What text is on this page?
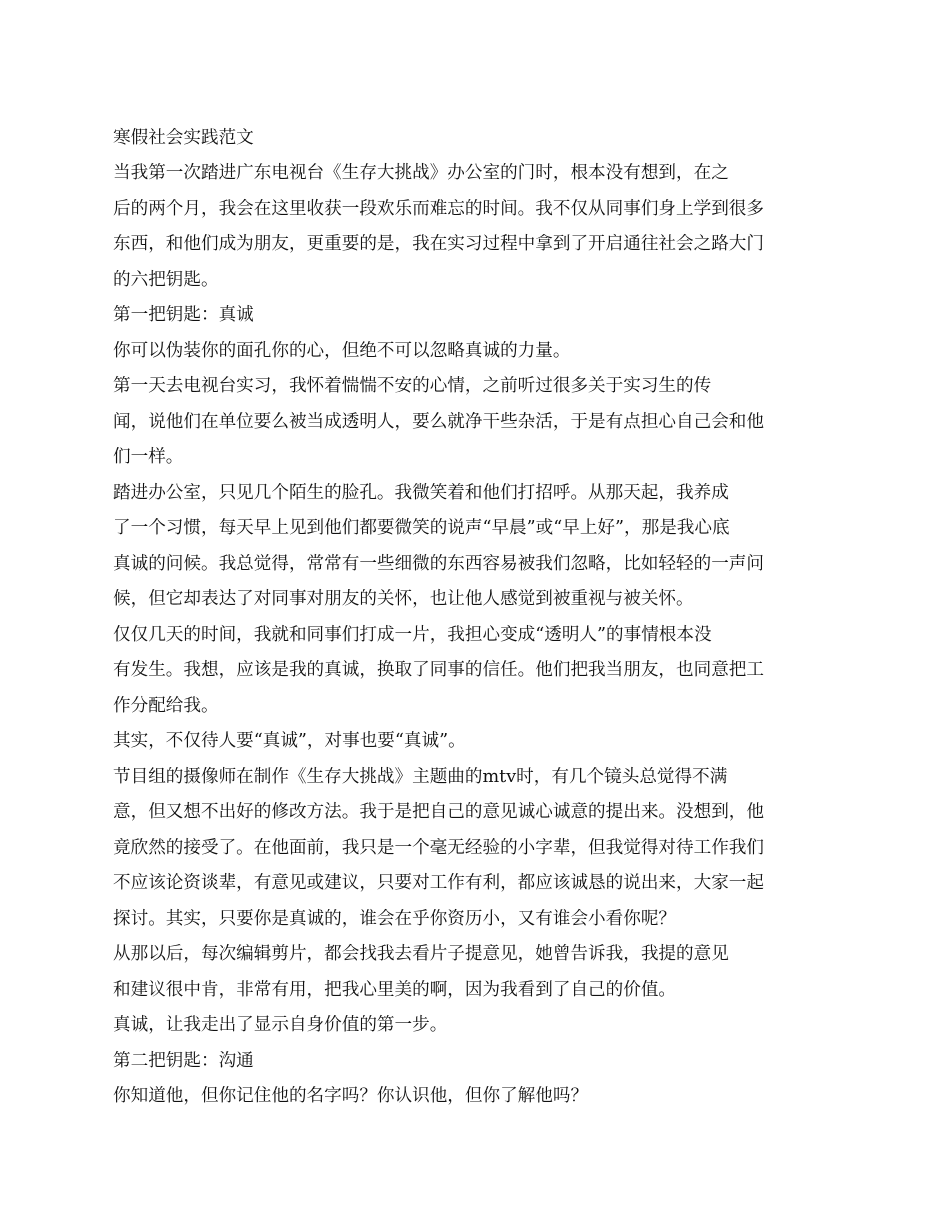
寒假社会实践范文
当我第一次踏进广东电视台《生存大挑战》办公室的门时，根本没有想到，在之
后的两个月，我会在这里收获一段欢乐而难忘的时间。我不仅从同事们身上学到很多
东西，和他们成为朋友，更重要的是，我在实习过程中拿到了开启通往社会之路大门
的六把钥匙。
第一把钥匙：真诚
你可以伪装你的面孔你的心，但绝不可以忽略真诚的力量。
第一天去电视台实习，我怀着惴惴不安的心情，之前听过很多关于实习生的传
闻，说他们在单位要么被当成透明人，要么就净干些杂活，于是有点担心自己会和他
们一样。
踏进办公室，只见几个陌生的脸孔。我微笑着和他们打招呼。从那天起，我养成
了一个习惯，每天早上见到他们都要微笑的说声“早晨”或“早上好”，那是我心底
真诚的问候。我总觉得，常常有一些细微的东西容易被我们忽略，比如轻轻的一声问
候，但它却表达了对同事对朋友的关怀，也让他人感觉到被重视与被关怀。
仅仅几天的时间，我就和同事们打成一片，我担心变成“透明人”的事情根本没
有发生。我想，应该是我的真诚，换取了同事的信任。他们把我当朋友，也同意把工
作分配给我。
其实，不仅待人要“真诚”，对事也要“真诚”。
节目组的摄像师在制作《生存大挑战》主题曲的mtv时，有几个镜头总觉得不满
意，但又想不出好的修改方法。我于是把自己的意见诚心诚意的提出来。没想到，他
竟欣然的接受了。在他面前，我只是一个毫无经验的小字辈，但我觉得对待工作我们
不应该论资谈辈，有意见或建议，只要对工作有利，都应该诚恳的说出来，大家一起
探讨。其实，只要你是真诚的，谁会在乎你资历小，又有谁会小看你呢？
从那以后，每次编辑剪片，都会找我去看片子提意见，她曾告诉我，我提的意见
和建议很中肯，非常有用，把我心里美的啊，因为我看到了自己的价值。
真诚，让我走出了显示自身价值的第一步。
第二把钥匙：沟通
你知道他，但你记住他的名字吗？你认识他，但你了解他吗？
